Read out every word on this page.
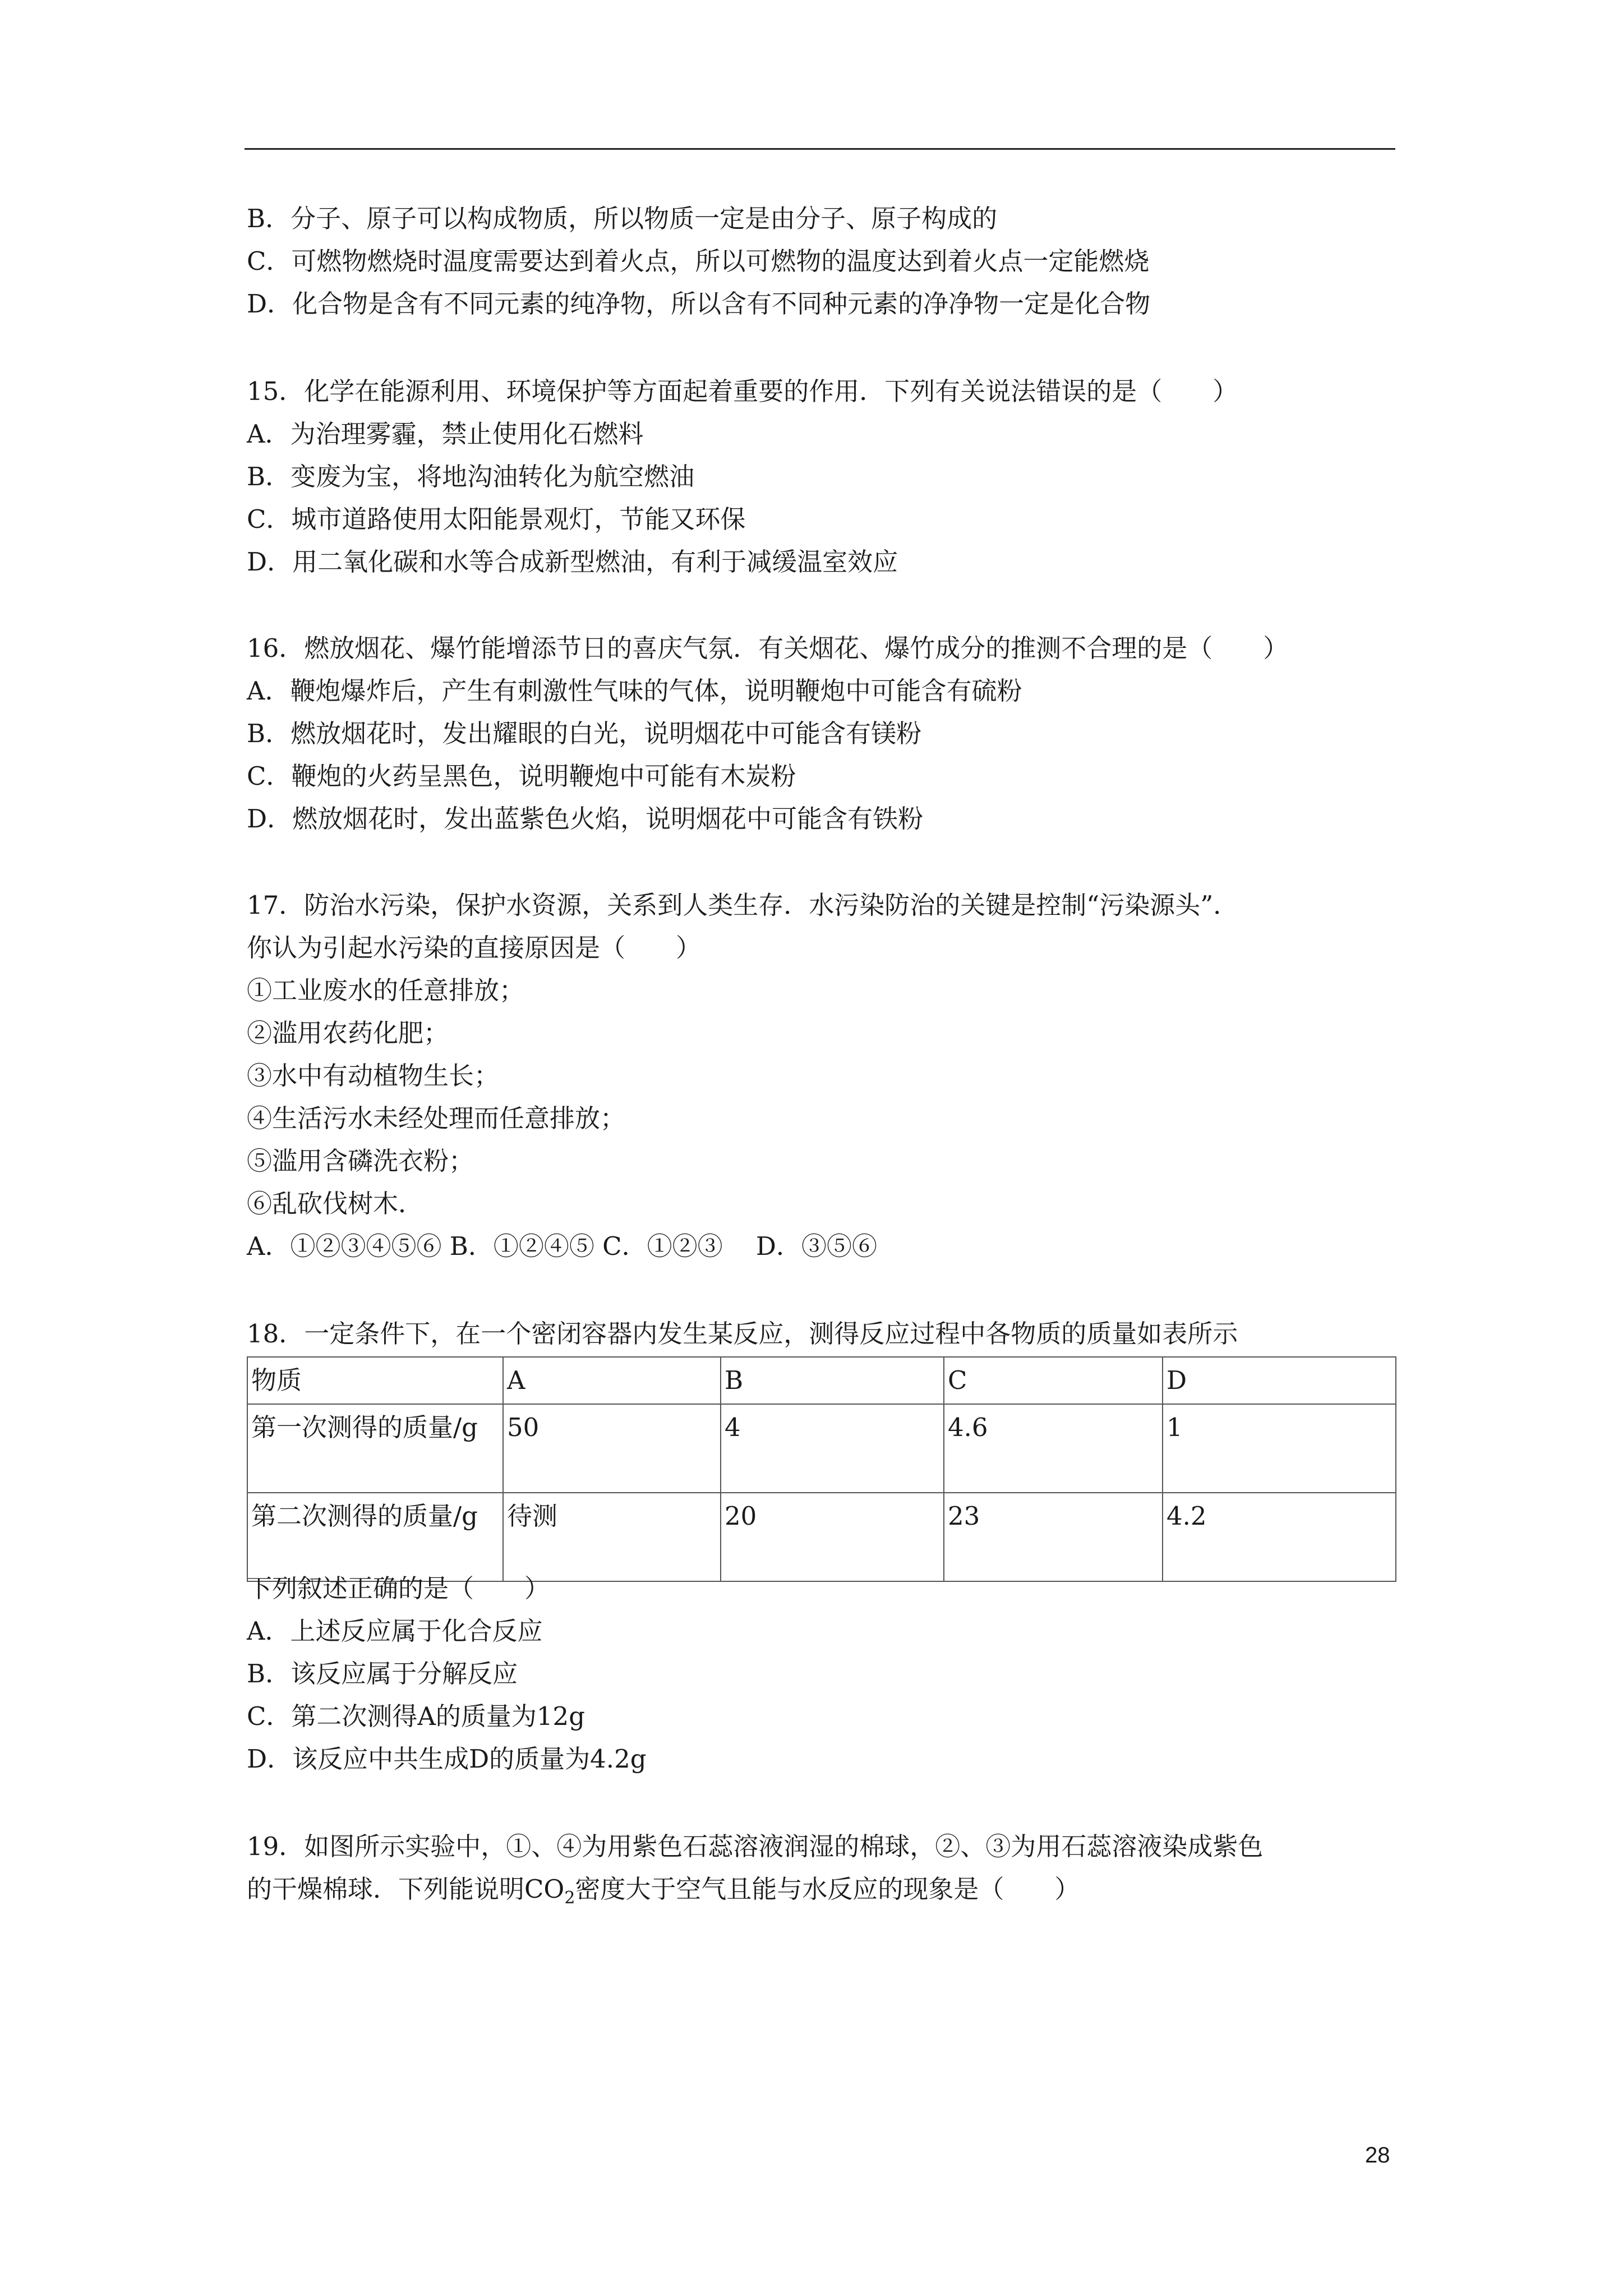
B．分子、原子可以构成物质，所以物质一定是由分子、原子构成的
C．可燃物燃烧时温度需要达到着火点，所以可燃物的温度达到着火点一定能燃烧
D．化合物是含有不同元素的纯净物，所以含有不同种元素的净净物一定是化合物
15．化学在能源利用、环境保护等方面起着重要的作用．下列有关说法错误的是（　　）
A．为治理雾霾，禁止使用化石燃料
B．变废为宝，将地沟油转化为航空燃油
C．城市道路使用太阳能景观灯，节能又环保
D．用二氧化碳和水等合成新型燃油，有利于减缓温室效应
16．燃放烟花、爆竹能增添节日的喜庆气氛．有关烟花、爆竹成分的推测不合理的是（　　）
A．鞭炮爆炸后，产生有刺激性气味的气体，说明鞭炮中可能含有硫粉
B．燃放烟花时，发出耀眼的白光，说明烟花中可能含有镁粉
C．鞭炮的火药呈黑色，说明鞭炮中可能有木炭粉
D．燃放烟花时，发出蓝紫色火焰，说明烟花中可能含有铁粉
17．防治水污染，保护水资源，关系到人类生存．水污染防治的关键是控制“污染源头”．
你认为引起水污染的直接原因是（　　）
①工业废水的任意排放；
②滥用农药化肥；
③水中有动植物生长；
④生活污水未经处理而任意排放；
⑤滥用含磷洗衣粉；
⑥乱砍伐树木．
A．①②③④⑤⑥ B．①②④⑤ C．①②③　 D．③⑤⑥
18．一定条件下，在一个密闭容器内发生某反应，测得反应过程中各物质的质量如表所示
物质	A	B	C	D
第一次测得的质量/g	50	4	4.6	1
第二次测得的质量/g	待测	20	23	4.2
下列叙述正确的是（　　）
A．上述反应属于化合反应
B．该反应属于分解反应
C．第二次测得A的质量为12g
D．该反应中共生成D的质量为4.2g
19．如图所示实验中，①、④为用紫色石蕊溶液润湿的棉球，②、③为用石蕊溶液染成紫色
的干燥棉球．下列能说明$CO_2$密度大于空气且能与水反应的现象是（　　）
28
